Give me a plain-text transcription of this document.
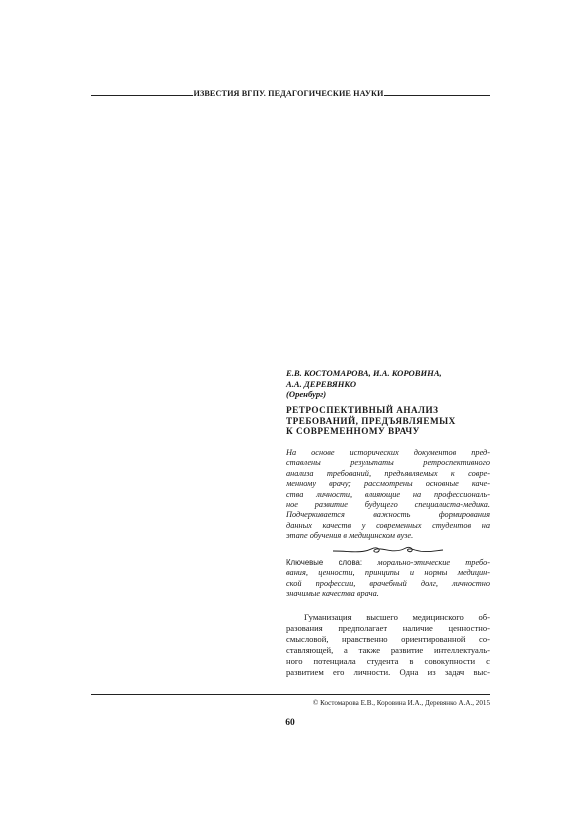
ИЗВЕСТИЯ ВГПУ. ПЕДАГОГИЧЕСКИЕ НАУКИ
Е.В. КОСТОМАРОВА, И.А. КОРОВИНА,
А.А. ДЕРЕВЯНКО
(Оренбург)
РЕТРОСПЕКТИВНЫЙ АНАЛИЗ
ТРЕБОВАНИЙ, ПРЕДЪЯВЛЯЕМЫХ
К СОВРЕМЕННОМУ ВРАЧУ
На основе исторических документов пред-
ставлены результаты ретроспективного
анализа требований, предъявляемых к совре-
менному врачу; рассмотрены основные каче-
ства личности, влияющие на профессиональ-
ное развитие будущего специалиста-медика.
Подчеркивается важность формирования
данных качеств у современных студентов на
этапе обучения в медицинском вузе.
Ключевые слова: морально-этические требо-
вания, ценности, принципы и нормы медицин-
ской профессии, врачебный долг, личностно
значимые качества врача.
Гуманизация высшего медицинского об-
разования предполагает наличие ценностно-
смысловой, нравственно ориентированной со-
ставляющей, а также развитие интеллектуаль-
ного потенциала студента в совокупности с
развитием его личности. Одна из задач выс-
© Костомарова Е.В., Коровина И.А., Деревянко А.А., 2015
60
